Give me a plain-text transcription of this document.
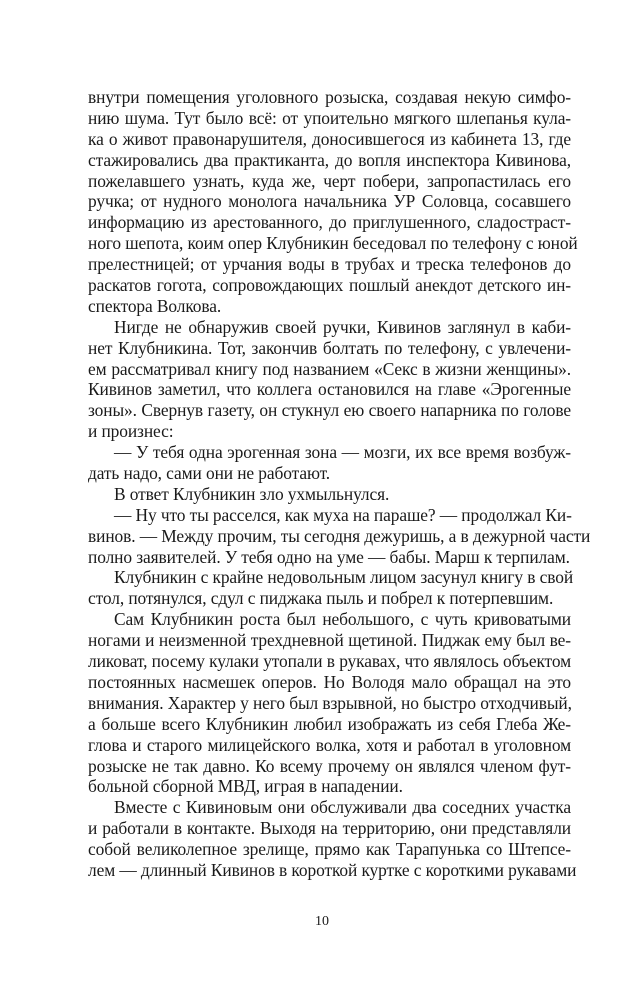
внутри помещения уголовного розыска, создавая некую симфо-
нию шума. Тут было всё: от упоительно мягкого шлепанья кула-
ка о живот правонарушителя, доносившегося из кабинета 13, где
стажировались два практиканта, до вопля инспектора Кивинова,
пожелавшего узнать, куда же, черт побери, запропастилась его
ручка; от нудного монолога начальника УР Соловца, сосавшего
информацию из арестованного, до приглушенного, сладостраст-
ного шепота, коим опер Клубникин беседовал по телефону с юной
прелестницей; от урчания воды в трубах и треска телефонов до
раскатов гогота, сопровождающих пошлый анекдот детского ин-
спектора Волкова.
Нигде не обнаружив своей ручки, Кивинов заглянул в каби-
нет Клубникина. Тот, закончив болтать по телефону, с увлечени-
ем рассматривал книгу под названием «Секс в жизни женщины».
Кивинов заметил, что коллега остановился на главе «Эрогенные
зоны». Свернув газету, он стукнул ею своего напарника по голове
и произнес:
— У тебя одна эрогенная зона — мозги, их все время возбуж-
дать надо, сами они не работают.
В ответ Клубникин зло ухмыльнулся.
— Ну что ты расселся, как муха на параше? — продолжал Ки-
винов. — Между прочим, ты сегодня дежуришь, а в дежурной части
полно заявителей. У тебя одно на уме — бабы. Марш к терпилам.
Клубникин с крайне недовольным лицом засунул книгу в свой
стол, потянулся, сдул с пиджака пыль и побрел к потерпевшим.
Сам Клубникин роста был небольшого, с чуть кривоватыми
ногами и неизменной трехдневной щетиной. Пиджак ему был ве-
ликоват, посему кулаки утопали в рукавах, что являлось объектом
постоянных насмешек оперов. Но Володя мало обращал на это
внимания. Характер у него был взрывной, но быстро отходчивый,
а больше всего Клубникин любил изображать из себя Глеба Же-
глова и старого милицейского волка, хотя и работал в уголовном
розыске не так давно. Ко всему прочему он являлся членом фут-
больной сборной МВД, играя в нападении.
Вместе с Кивиновым они обслуживали два соседних участка
и работали в контакте. Выходя на территорию, они представляли
собой великолепное зрелище, прямо как Тарапунька со Штепсе-
лем — длинный Кивинов в короткой куртке с короткими рукавами
10
